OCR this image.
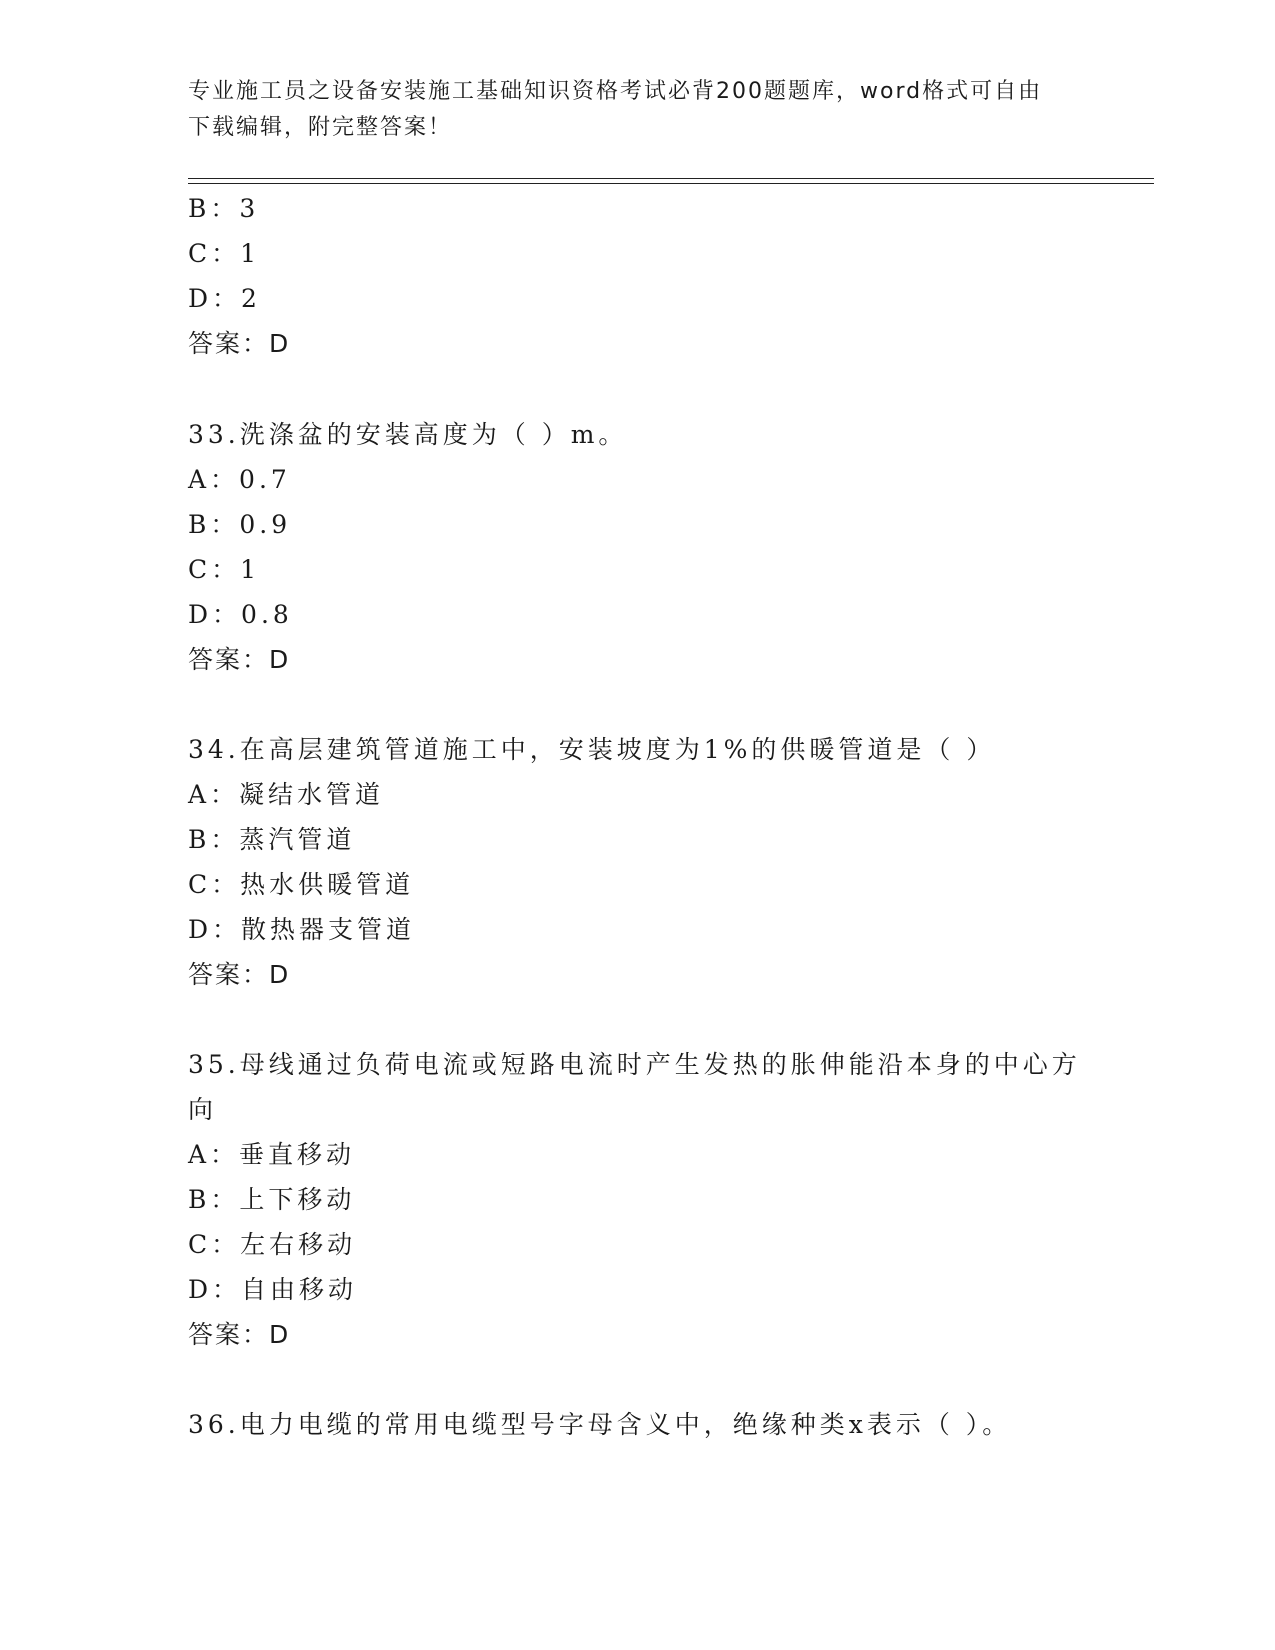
专业施工员之设备安装施工基础知识资格考试必背200题题库，word格式可自由
下载编辑，附完整答案！
B：3
C：1
D：2
答案：D
33.洗涤盆的安装高度为（ ）m。
A：0.7
B：0.9
C：1
D：0.8
答案：D
34.在高层建筑管道施工中，安装坡度为1%的供暖管道是（ ）
A：凝结水管道
B：蒸汽管道
C：热水供暖管道
D：散热器支管道
答案：D
35.母线通过负荷电流或短路电流时产生发热的胀伸能沿本身的中心方
向
A：垂直移动
B：上下移动
C：左右移动
D：自由移动
答案：D
36.电力电缆的常用电缆型号字母含义中，绝缘种类x表示（ ）。
